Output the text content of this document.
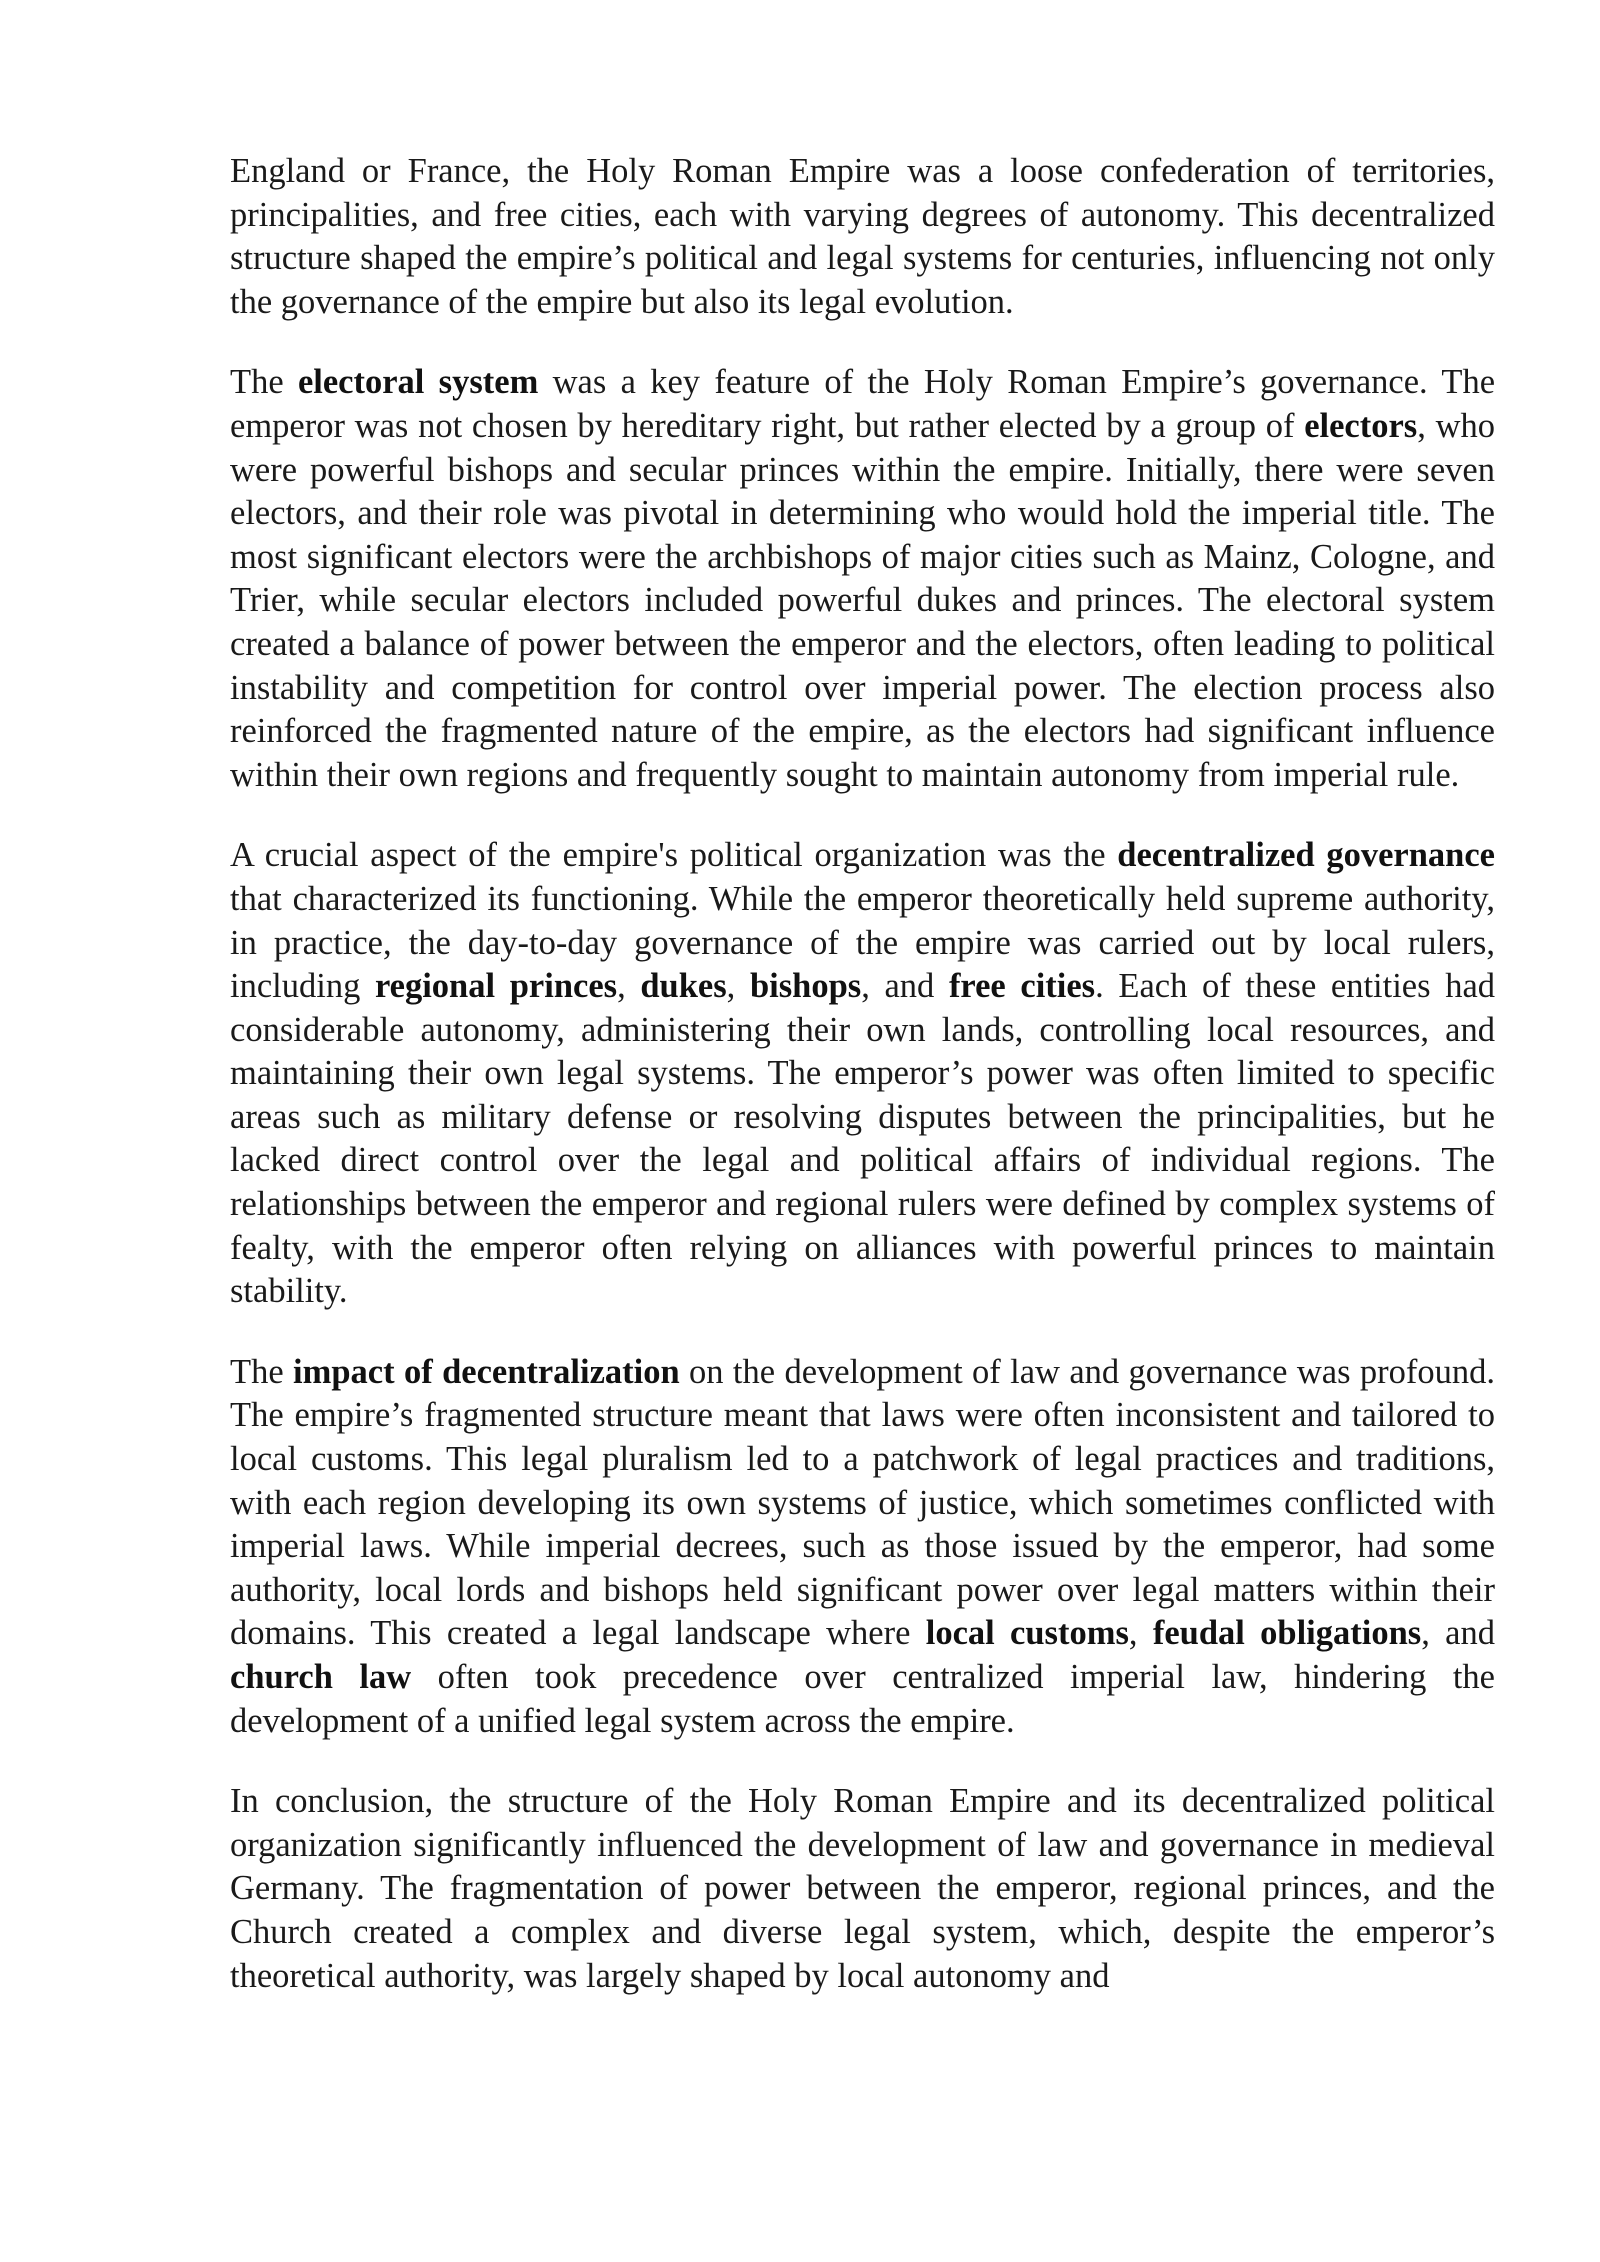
England or France, the Holy Roman Empire was a loose confederation of territories, principalities, and free cities, each with varying degrees of autonomy. This decentralized structure shaped the empire’s political and legal systems for centuries, influencing not only the governance of the empire but also its legal evolution.

The electoral system was a key feature of the Holy Roman Empire’s governance. The emperor was not chosen by hereditary right, but rather elected by a group of electors, who were powerful bishops and secular princes within the empire. Initially, there were seven electors, and their role was pivotal in determining who would hold the imperial title. The most significant electors were the archbishops of major cities such as Mainz, Cologne, and Trier, while secular electors included powerful dukes and princes. The electoral system created a balance of power between the emperor and the electors, often leading to political instability and competition for control over imperial power. The election process also reinforced the fragmented nature of the empire, as the electors had significant influence within their own regions and frequently sought to maintain autonomy from imperial rule.

A crucial aspect of the empire's political organization was the decentralized governance that characterized its functioning. While the emperor theoretically held supreme authority, in practice, the day-to-day governance of the empire was carried out by local rulers, including regional princes, dukes, bishops, and free cities. Each of these entities had considerable autonomy, administering their own lands, controlling local resources, and maintaining their own legal systems. The emperor’s power was often limited to specific areas such as military defense or resolving disputes between the principalities, but he lacked direct control over the legal and political affairs of individual regions. The relationships between the emperor and regional rulers were defined by complex systems of fealty, with the emperor often relying on alliances with powerful princes to maintain stability.

The impact of decentralization on the development of law and governance was profound. The empire’s fragmented structure meant that laws were often inconsistent and tailored to local customs. This legal pluralism led to a patchwork of legal practices and traditions, with each region developing its own systems of justice, which sometimes conflicted with imperial laws. While imperial decrees, such as those issued by the emperor, had some authority, local lords and bishops held significant power over legal matters within their domains. This created a legal landscape where local customs, feudal obligations, and church law often took precedence over centralized imperial law, hindering the development of a unified legal system across the empire.

In conclusion, the structure of the Holy Roman Empire and its decentralized political organization significantly influenced the development of law and governance in medieval Germany. The fragmentation of power between the emperor, regional princes, and the Church created a complex and diverse legal system, which, despite the emperor’s theoretical authority, was largely shaped by local autonomy and
